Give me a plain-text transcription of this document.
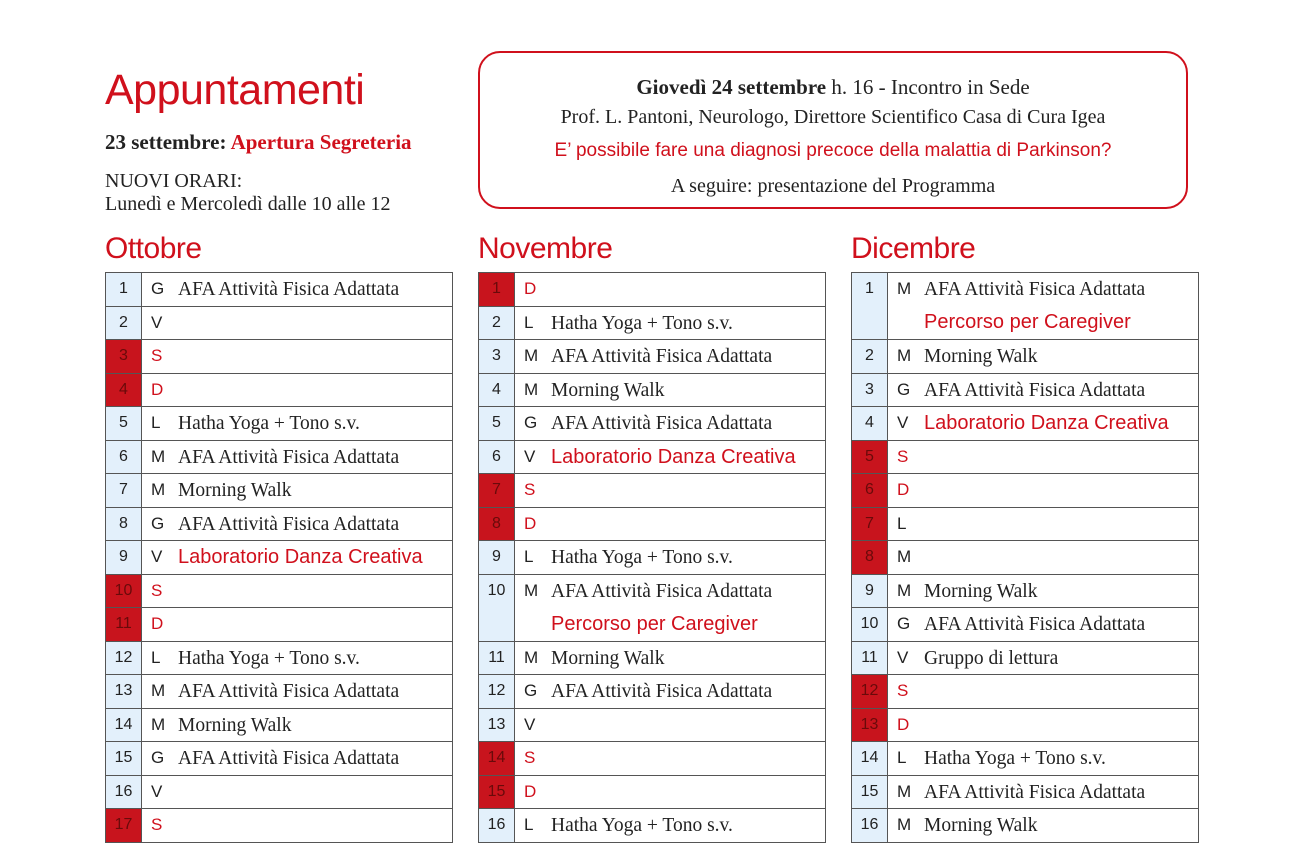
Appuntamenti
23 settembre: Apertura Segreteria
NUOVI ORARI:
Lunedì e Mercoledì dalle 10 alle 12
Giovedì 24 settembre h. 16 - Incontro in Sede
Prof. L. Pantoni, Neurologo, Direttore Scientifico Casa di Cura Igea
E’ possibile fare una diagnosi precoce della malattia di Parkinson?
A seguire: presentazione del Programma
Ottobre	Novembre	Dicembre
1	G AFA Attività Fisica Adattata
2	V
3	S
4	D
5	L Hatha Yoga + Tono s.v.
6	M AFA Attività Fisica Adattata
7	M Morning Walk
8	G AFA Attività Fisica Adattata
9	V Laboratorio Danza Creativa
10	S
11	D
12	L Hatha Yoga + Tono s.v.
13	M AFA Attività Fisica Adattata
14	M Morning Walk
15	G AFA Attività Fisica Adattata
16	V
17	S
1	D
2	L Hatha Yoga + Tono s.v.
3	M AFA Attività Fisica Adattata
4	M Morning Walk
5	G AFA Attività Fisica Adattata
6	V Laboratorio Danza Creativa
7	S
8	D
9	L Hatha Yoga + Tono s.v.
10	M AFA Attività Fisica Adattata
Percorso per Caregiver
11	M Morning Walk
12	G AFA Attività Fisica Adattata
13	V
14	S
15	D
16	L Hatha Yoga + Tono s.v.
1	M AFA Attività Fisica Adattata
Percorso per Caregiver
2	M Morning Walk
3	G AFA Attività Fisica Adattata
4	V Laboratorio Danza Creativa
5	S
6	D
7	L
8	M
9	M Morning Walk
10	G AFA Attività Fisica Adattata
11	V Gruppo di lettura
12	S
13	D
14	L Hatha Yoga + Tono s.v.
15	M AFA Attività Fisica Adattata
16	M Morning Walk
